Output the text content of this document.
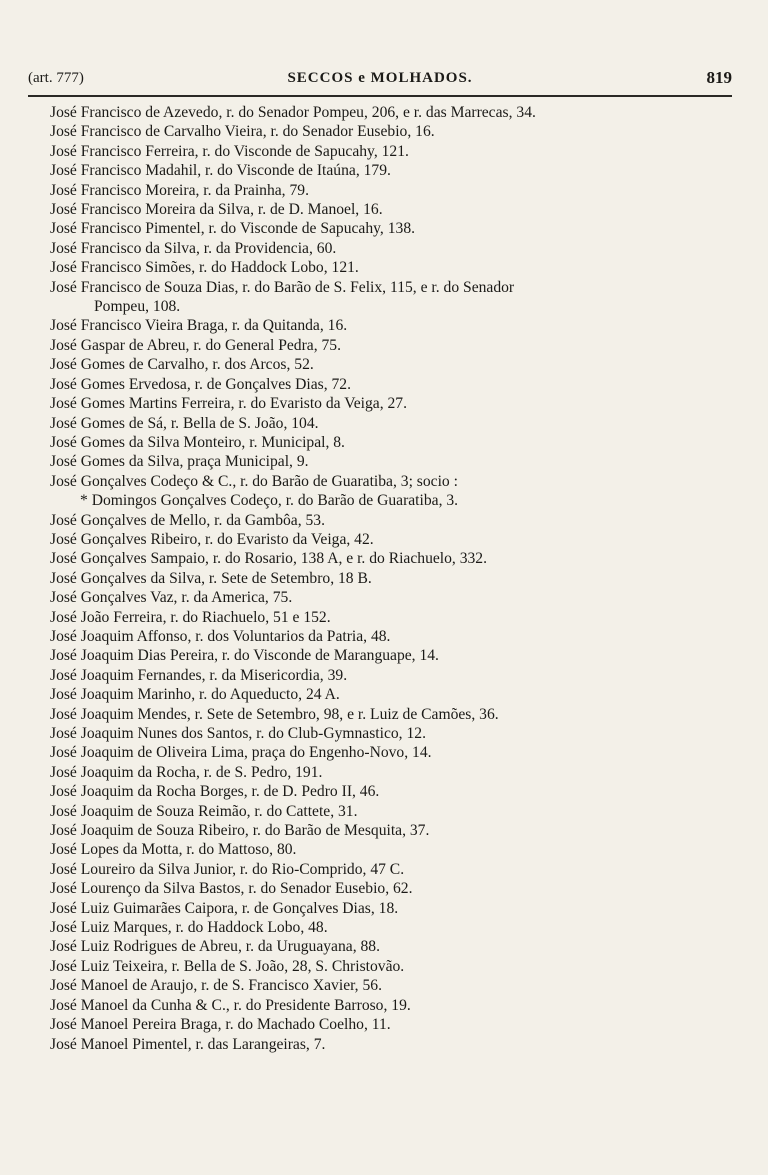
(art. 777)	SECCOS e MOLHADOS.	819
José Francisco de Azevedo, r. do Senador Pompeu, 206, e r. das Marrecas, 34.
José Francisco de Carvalho Vieira, r. do Senador Eusebio, 16.
José Francisco Ferreira, r. do Visconde de Sapucahy, 121.
José Francisco Madahil, r. do Visconde de Itaúna, 179.
José Francisco Moreira, r. da Prainha, 79.
José Francisco Moreira da Silva, r. de D. Manoel, 16.
José Francisco Pimentel, r. do Visconde de Sapucahy, 138.
José Francisco da Silva, r. da Providencia, 60.
José Francisco Simões, r. do Haddock Lobo, 121.
José Francisco de Souza Dias, r. do Barão de S. Felix, 115, e r. do Senador
Pompeu, 108.
José Francisco Vieira Braga, r. da Quitanda, 16.
José Gaspar de Abreu, r. do General Pedra, 75.
José Gomes de Carvalho, r. dos Arcos, 52.
José Gomes Ervedosa, r. de Gonçalves Dias, 72.
José Gomes Martins Ferreira, r. do Evaristo da Veiga, 27.
José Gomes de Sá, r. Bella de S. João, 104.
José Gomes da Silva Monteiro, r. Municipal, 8.
José Gomes da Silva, praça Municipal, 9.
José Gonçalves Codeço & C., r. do Barão de Guaratiba, 3; socio :
* Domingos Gonçalves Codeço, r. do Barão de Guaratiba, 3.
José Gonçalves de Mello, r. da Gambôa, 53.
José Gonçalves Ribeiro, r. do Evaristo da Veiga, 42.
José Gonçalves Sampaio, r. do Rosario, 138 A, e r. do Riachuelo, 332.
José Gonçalves da Silva, r. Sete de Setembro, 18 B.
José Gonçalves Vaz, r. da America, 75.
José João Ferreira, r. do Riachuelo, 51 e 152.
José Joaquim Affonso, r. dos Voluntarios da Patria, 48.
José Joaquim Dias Pereira, r. do Visconde de Maranguape, 14.
José Joaquim Fernandes, r. da Misericordia, 39.
José Joaquim Marinho, r. do Aqueducto, 24 A.
José Joaquim Mendes, r. Sete de Setembro, 98, e r. Luiz de Camões, 36.
José Joaquim Nunes dos Santos, r. do Club-Gymnastico, 12.
José Joaquim de Oliveira Lima, praça do Engenho-Novo, 14.
José Joaquim da Rocha, r. de S. Pedro, 191.
José Joaquim da Rocha Borges, r. de D. Pedro II, 46.
José Joaquim de Souza Reimão, r. do Cattete, 31.
José Joaquim de Souza Ribeiro, r. do Barão de Mesquita, 37.
José Lopes da Motta, r. do Mattoso, 80.
José Loureiro da Silva Junior, r. do Rio-Comprido, 47 C.
José Lourenço da Silva Bastos, r. do Senador Eusebio, 62.
José Luiz Guimarães Caipora, r. de Gonçalves Dias, 18.
José Luiz Marques, r. do Haddock Lobo, 48.
José Luiz Rodrigues de Abreu, r. da Uruguayana, 88.
José Luiz Teixeira, r. Bella de S. João, 28, S. Christovão.
José Manoel de Araujo, r. de S. Francisco Xavier, 56.
José Manoel da Cunha & C., r. do Presidente Barroso, 19.
José Manoel Pereira Braga, r. do Machado Coelho, 11.
José Manoel Pimentel, r. das Larangeiras, 7.
